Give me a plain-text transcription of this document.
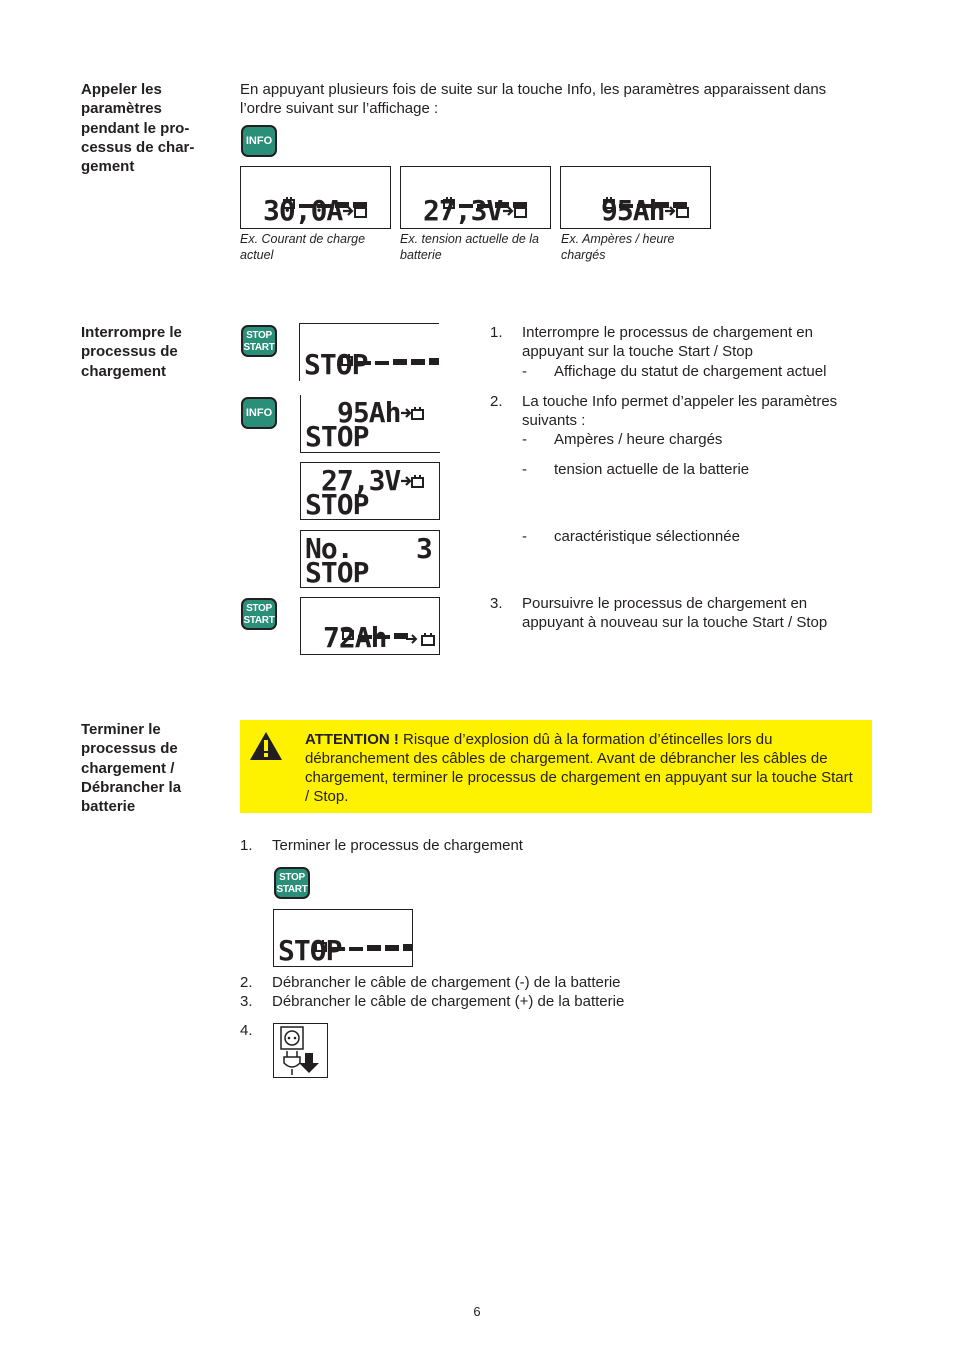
Appeler les paramètres pendant le pro-cessus de char-gement
En appuyant plusieurs fois de suite sur la touche Info, les paramètres apparaissent dans l’ordre suivant sur l’affichage :
INFO

30,0A
Ex. Courant de charge actuel

27,3V
Ex. tension actuelle de la batterie

95Ah
Ex. Ampères / heure chargés
Interrompre le processus de chargement
STOP
START

STOP
INFO 95Ah
STOP
27,3V
STOP
No.    3
STOP
STOP
START

72Ah
1. Interrompre le processus de chargement en appuyant sur la touche Start / Stop
- Affichage du statut de chargement actuel
2. La touche Info permet d’appeler les paramètres suivants :
- Ampères / heure chargés
- tension actuelle de la batterie
- caractéristique sélectionnée
3. Poursuivre le processus de chargement en appuyant à nouveau sur la touche Start / Stop
Terminer le processus de chargement / Débrancher la batterie
ATTENTION ! Risque d’explosion dû à la formation d’étincelles lors du débranchement des câbles de chargement. Avant de débrancher les câbles de chargement, terminer le processus de chargement en appuyant sur la touche Start / Stop.
1. Terminer le processus de chargement
STOP
START

STOP
2. Débrancher le câble de chargement (-) de la batterie
3. Débrancher le câble de chargement (+) de la batterie
4.
6
